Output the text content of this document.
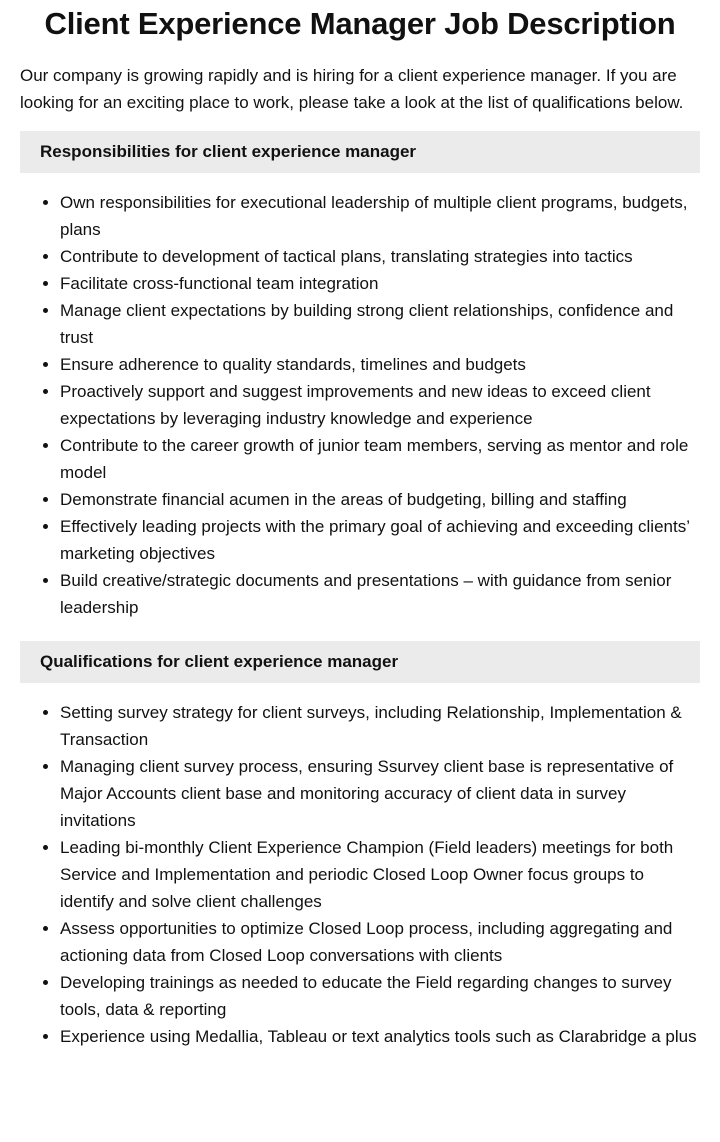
Client Experience Manager Job Description

Our company is growing rapidly and is hiring for a client experience manager. If you are looking for an exciting place to work, please take a look at the list of qualifications below.

Responsibilities for client experience manager
• Own responsibilities for executional leadership of multiple client programs, budgets, plans
• Contribute to development of tactical plans, translating strategies into tactics
• Facilitate cross-functional team integration
• Manage client expectations by building strong client relationships, confidence and trust
• Ensure adherence to quality standards, timelines and budgets
• Proactively support and suggest improvements and new ideas to exceed client expectations by leveraging industry knowledge and experience
• Contribute to the career growth of junior team members, serving as mentor and role model
• Demonstrate financial acumen in the areas of budgeting, billing and staffing
• Effectively leading projects with the primary goal of achieving and exceeding clients’ marketing objectives
• Build creative/strategic documents and presentations – with guidance from senior leadership
Qualifications for client experience manager
• Setting survey strategy for client surveys, including Relationship, Implementation & Transaction
• Managing client survey process, ensuring Ssurvey client base is representative of Major Accounts client base and monitoring accuracy of client data in survey invitations
• Leading bi-monthly Client Experience Champion (Field leaders) meetings for both Service and Implementation and periodic Closed Loop Owner focus groups to identify and solve client challenges
• Assess opportunities to optimize Closed Loop process, including aggregating and actioning data from Closed Loop conversations with clients
• Developing trainings as needed to educate the Field regarding changes to survey tools, data & reporting
• Experience using Medallia, Tableau or text analytics tools such as Clarabridge a plus
